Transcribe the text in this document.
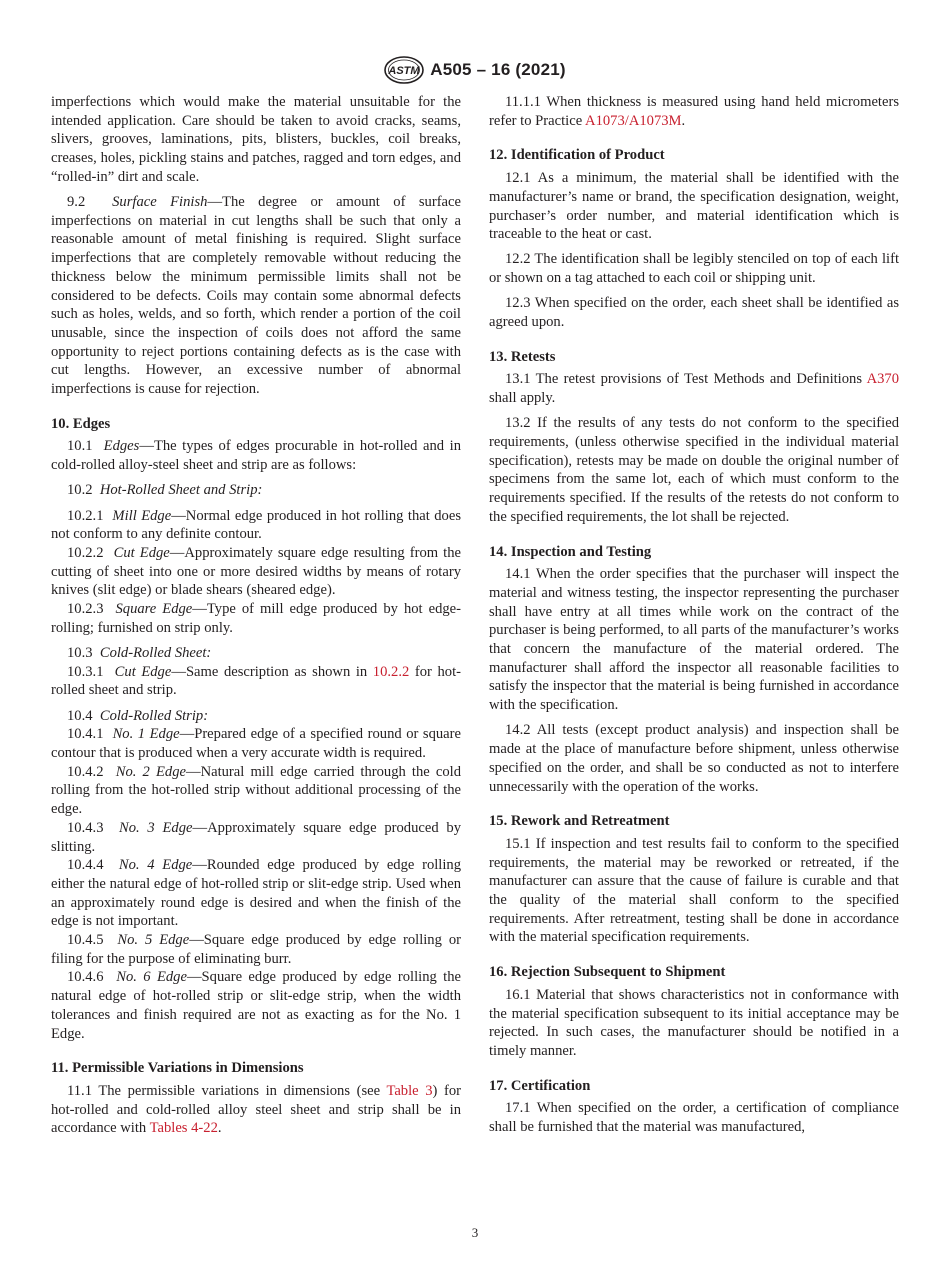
ASTM A505 – 16 (2021)

imperfections which would make the material unsuitable for the intended application. Care should be taken to avoid cracks, seams, slivers, grooves, laminations, pits, blisters, buckles, coil breaks, creases, holes, pickling stains and patches, ragged and torn edges, and “rolled-in” dirt and scale.

9.2 Surface Finish—The degree or amount of surface imperfections on material in cut lengths shall be such that only a reasonable amount of metal finishing is required. Slight surface imperfections that are completely removable without reducing the thickness below the minimum permissible limits shall not be considered to be defects. Coils may contain some abnormal defects such as holes, welds, and so forth, which render a portion of the coil unusable, since the inspection of coils does not afford the same opportunity to reject portions containing defects as is the case with cut lengths. However, an excessive number of abnormal imperfections is cause for rejection.

10. Edges

10.1 Edges—The types of edges procurable in hot-rolled and in cold-rolled alloy-steel sheet and strip are as follows:

10.2 Hot-Rolled Sheet and Strip:

10.2.1 Mill Edge—Normal edge produced in hot rolling that does not conform to any definite contour.

10.2.2 Cut Edge—Approximately square edge resulting from the cutting of sheet into one or more desired widths by means of rotary knives (slit edge) or blade shears (sheared edge).

10.2.3 Square Edge—Type of mill edge produced by hot edge-rolling; furnished on strip only.

10.3 Cold-Rolled Sheet:

10.3.1 Cut Edge—Same description as shown in 10.2.2 for hot-rolled sheet and strip.

10.4 Cold-Rolled Strip:

10.4.1 No. 1 Edge—Prepared edge of a specified round or square contour that is produced when a very accurate width is required.

10.4.2 No. 2 Edge—Natural mill edge carried through the cold rolling from the hot-rolled strip without additional processing of the edge.

10.4.3 No. 3 Edge—Approximately square edge produced by slitting.

10.4.4 No. 4 Edge—Rounded edge produced by edge rolling either the natural edge of hot-rolled strip or slit-edge strip. Used when an approximately round edge is desired and when the finish of the edge is not important.

10.4.5 No. 5 Edge—Square edge produced by edge rolling or filing for the purpose of eliminating burr.

10.4.6 No. 6 Edge—Square edge produced by edge rolling the natural edge of hot-rolled strip or slit-edge strip, when the width tolerances and finish required are not as exacting as for the No. 1 Edge.

11. Permissible Variations in Dimensions

11.1 The permissible variations in dimensions (see Table 3) for hot-rolled and cold-rolled alloy steel sheet and strip shall be in accordance with Tables 4-22.

11.1.1 When thickness is measured using hand held micrometers refer to Practice A1073/A1073M.

12. Identification of Product

12.1 As a minimum, the material shall be identified with the manufacturer’s name or brand, the specification designation, weight, purchaser’s order number, and material identification which is traceable to the heat or cast.

12.2 The identification shall be legibly stenciled on top of each lift or shown on a tag attached to each coil or shipping unit.

12.3 When specified on the order, each sheet shall be identified as agreed upon.

13. Retests

13.1 The retest provisions of Test Methods and Definitions A370 shall apply.

13.2 If the results of any tests do not conform to the specified requirements, (unless otherwise specified in the individual material specification), retests may be made on double the original number of specimens from the same lot, each of which must conform to the requirements specified. If the results of the retests do not conform to the specified requirements, the lot shall be rejected.

14. Inspection and Testing

14.1 When the order specifies that the purchaser will inspect the material and witness testing, the inspector representing the purchaser shall have entry at all times while work on the contract of the purchaser is being performed, to all parts of the manufacturer’s works that concern the manufacture of the material ordered. The manufacturer shall afford the inspector all reasonable facilities to satisfy the inspector that the material is being furnished in accordance with the specification.

14.2 All tests (except product analysis) and inspection shall be made at the place of manufacture before shipment, unless otherwise specified on the order, and shall be so conducted as not to interfere unnecessarily with the operation of the works.

15. Rework and Retreatment

15.1 If inspection and test results fail to conform to the specified requirements, the material may be reworked or retreated, if the manufacturer can assure that the cause of failure is curable and that the quality of the material shall conform to the specified requirements. After retreatment, testing shall be done in accordance with the material specification requirements.

16. Rejection Subsequent to Shipment

16.1 Material that shows characteristics not in conformance with the material specification subsequent to its initial acceptance may be rejected. In such cases, the manufacturer should be notified in a timely manner.

17. Certification

17.1 When specified on the order, a certification of compliance shall be furnished that the material was manufactured,

3
